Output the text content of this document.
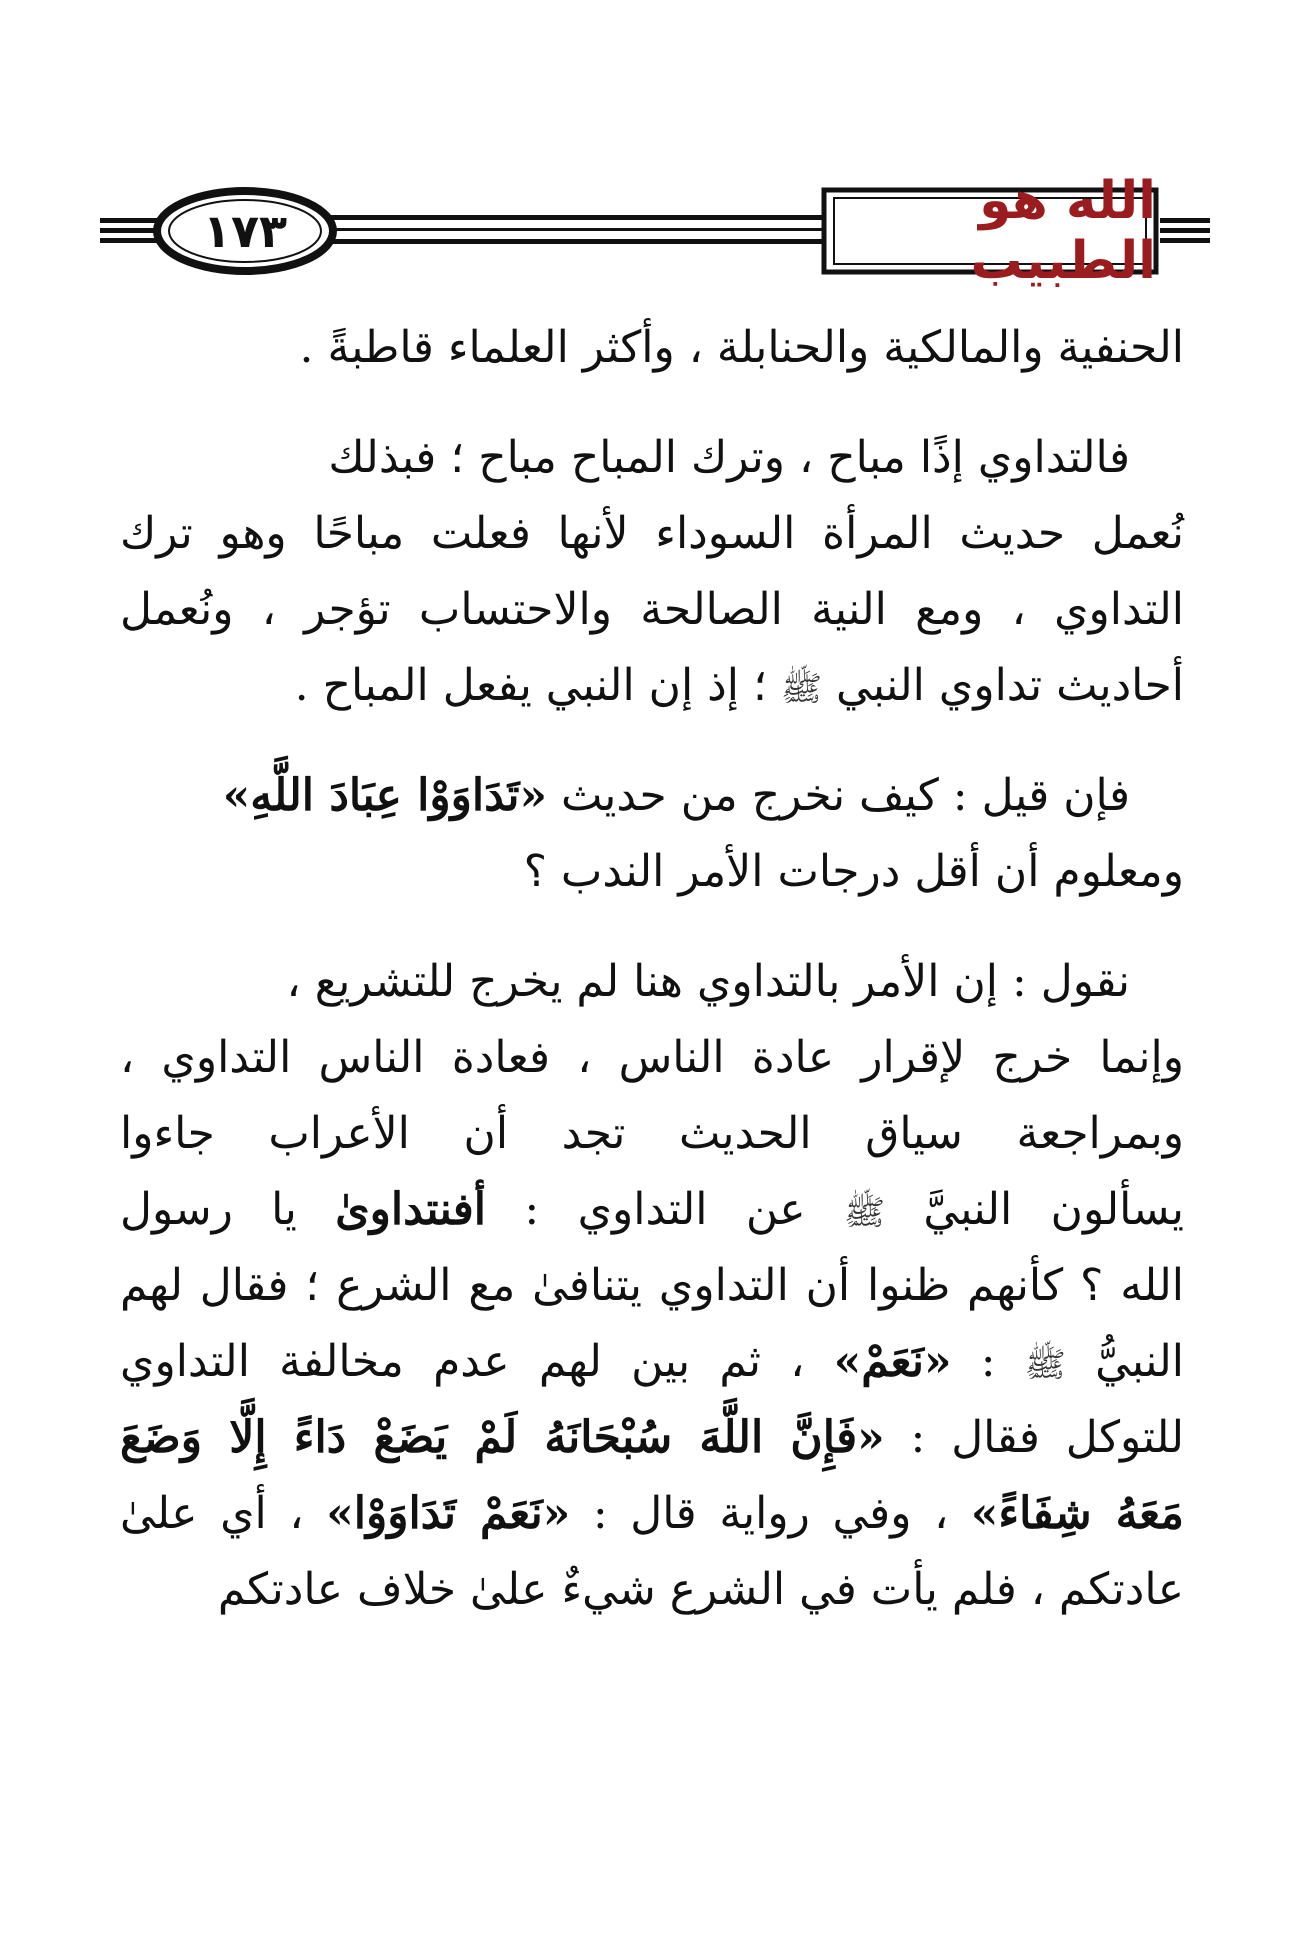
١٧٣	الله هو الطبيب
الحنفية والمالكية والحنابلة ، وأكثر العلماء قاطبةً .
فالتداوي إذًا مباح ، وترك المباح مباح ؛ فبذلك
نُعمل حديث المرأة السوداء لأنها فعلت مباحًا وهو ترك
التداوي ، ومع النية الصالحة والاحتساب تؤجر ، ونُعمل
أحاديث تداوي النبي ﷺ ؛ إذ إن النبي يفعل المباح .
فإن قيل : كيف نخرج من حديث «تَدَاوَوْا عِبَادَ اللَّهِ»
ومعلوم أن أقل درجات الأمر الندب ؟
نقول : إن الأمر بالتداوي هنا لم يخرج للتشريع ،
وإنما خرج لإقرار عادة الناس ، فعادة الناس التداوي ،
وبمراجعة سياق الحديث تجد أن الأعراب جاءوا
يسألون النبيَّ ﷺ عن التداوي : أفنتداوىٰ يا رسول
الله ؟ كأنهم ظنوا أن التداوي يتنافىٰ مع الشرع ؛ فقال لهم
النبيُّ ﷺ : «نَعَمْ» ، ثم بين لهم عدم مخالفة التداوي
للتوكل فقال : «فَإِنَّ اللَّهَ سُبْحَانَهُ لَمْ يَضَعْ دَاءً إِلَّا وَضَعَ
مَعَهُ شِفَاءً» ، وفي رواية قال : «نَعَمْ تَدَاوَوْا» ، أي علىٰ
عادتكم ، فلم يأت في الشرع شيءٌ علىٰ خلاف عادتكم
